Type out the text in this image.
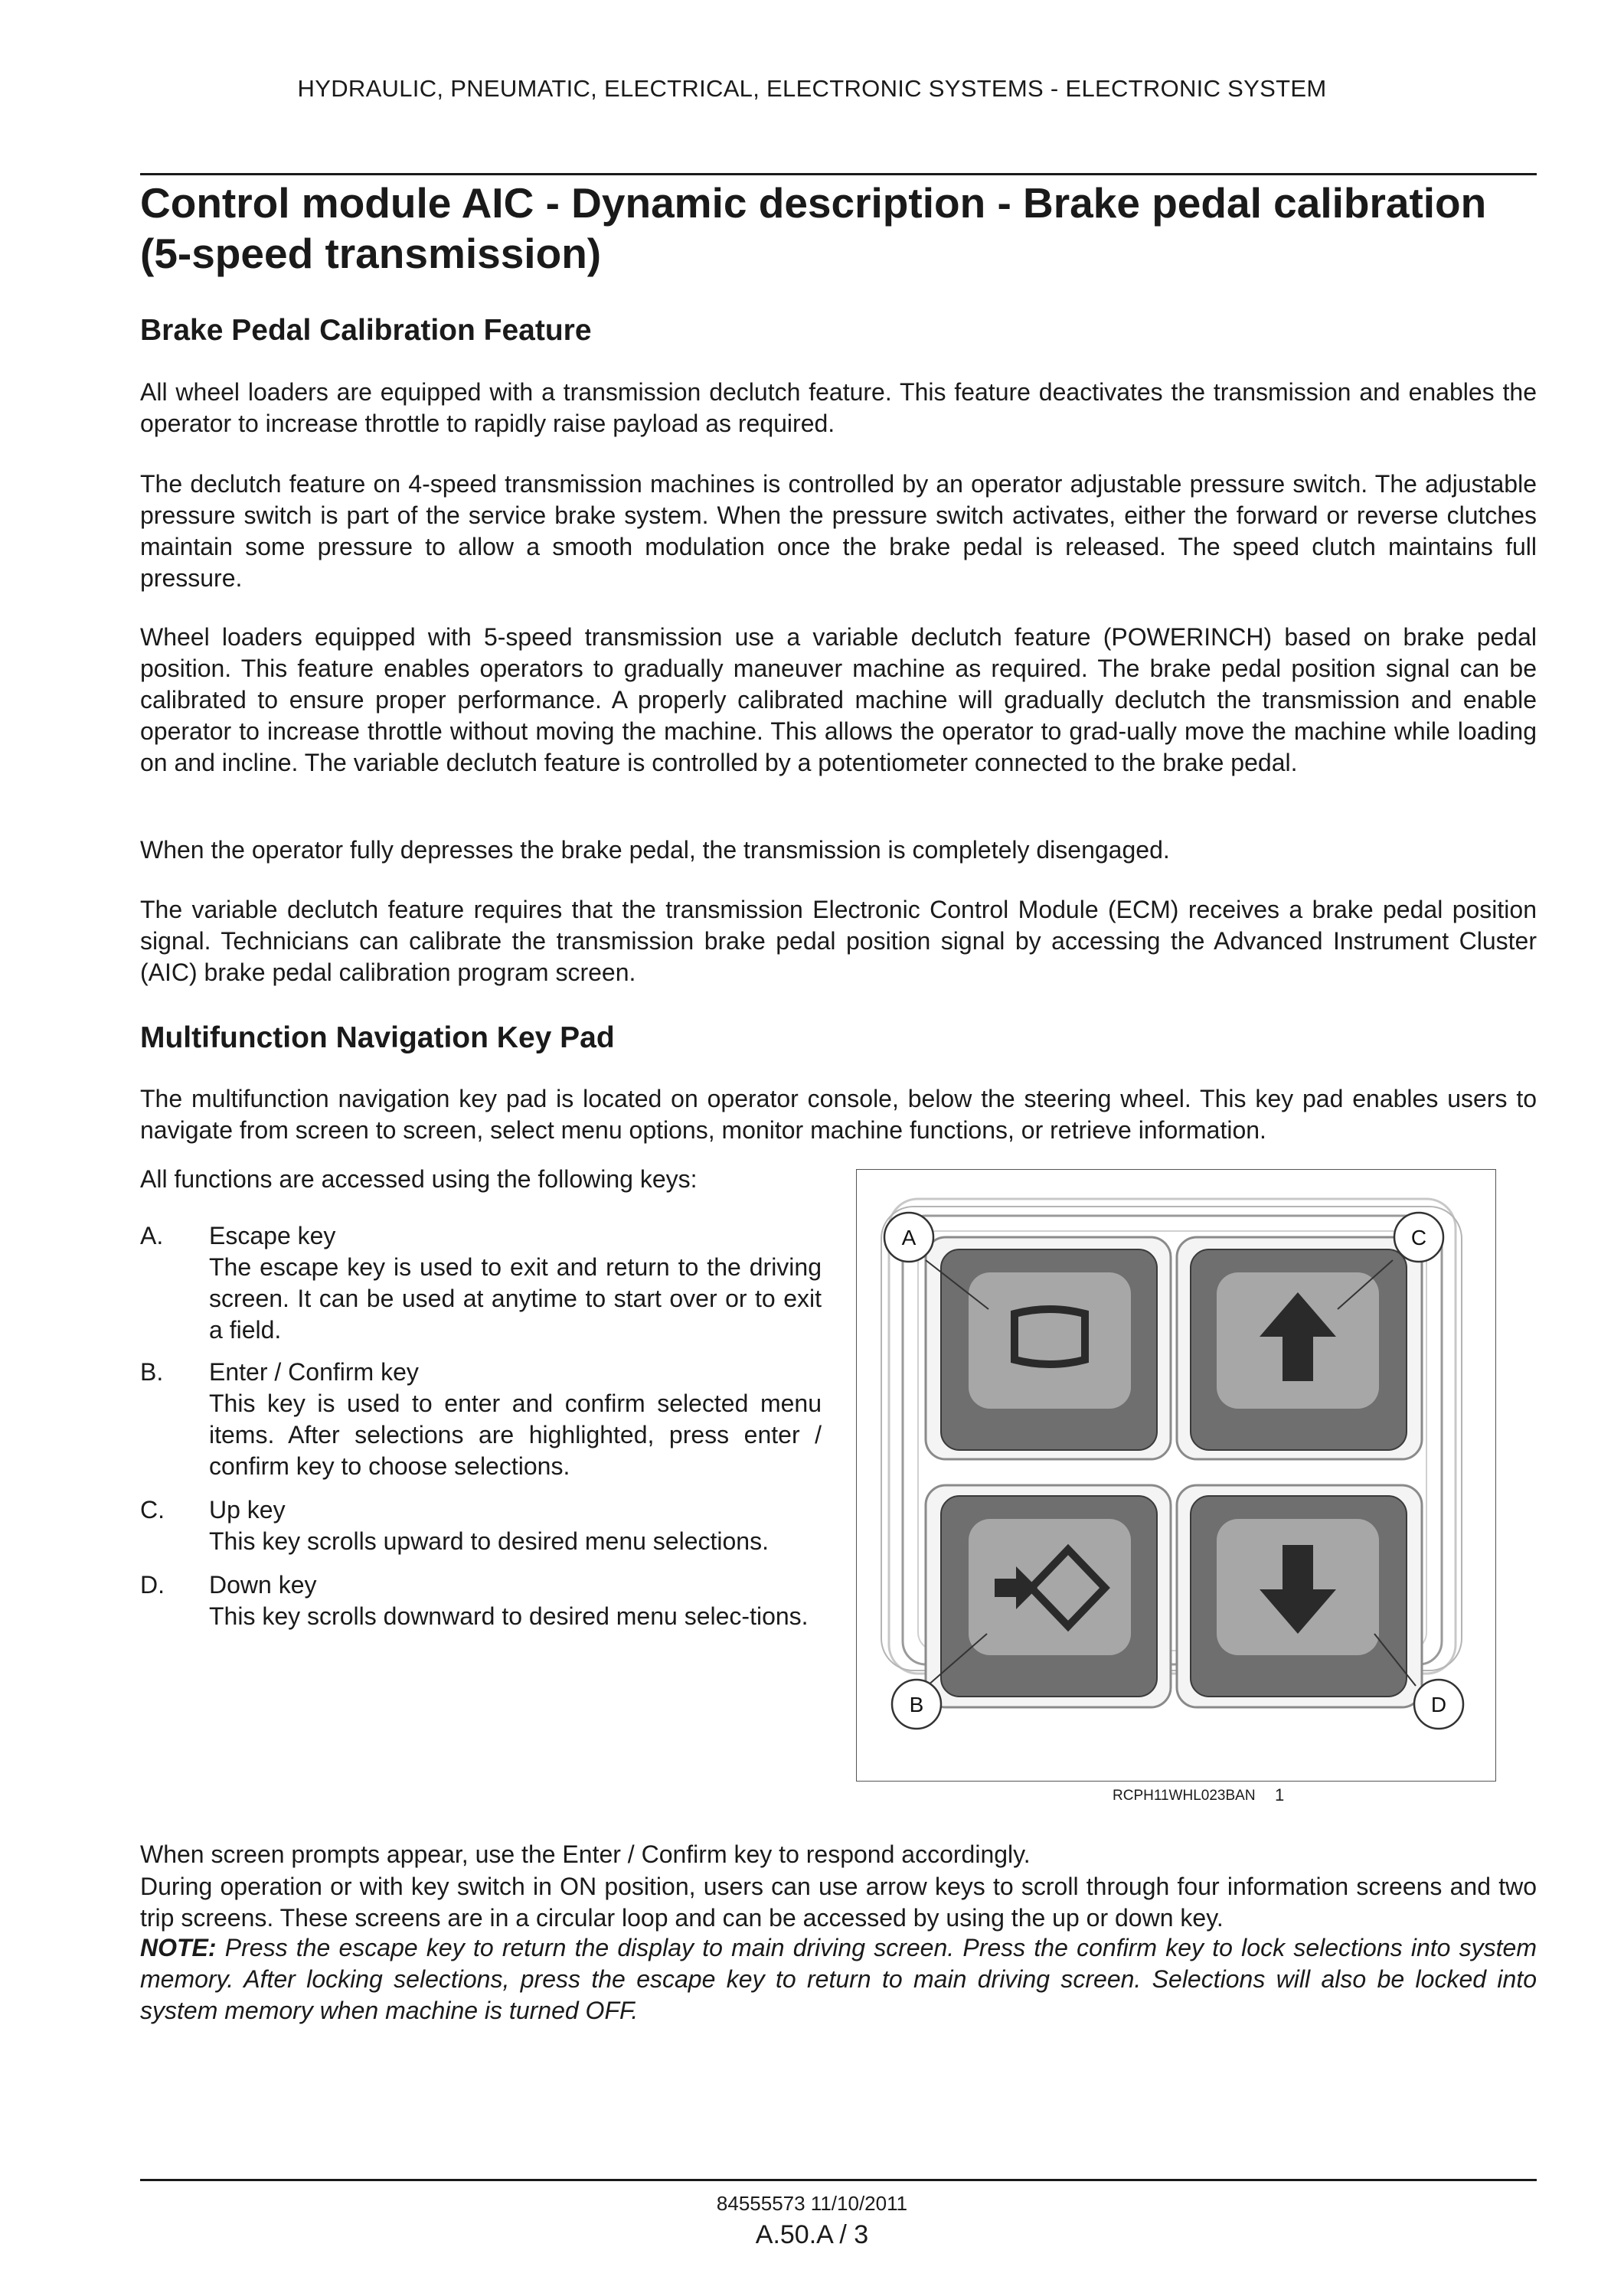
HYDRAULIC, PNEUMATIC, ELECTRICAL, ELECTRONIC SYSTEMS - ELECTRONIC SYSTEM
Control module AIC - Dynamic description - Brake pedal calibration
(5-speed transmission)
Brake Pedal Calibration Feature

All wheel loaders are equipped with a transmission declutch feature. This feature deactivates the transmission and enables the operator to increase throttle to rapidly raise payload as required.

The declutch feature on 4-speed transmission machines is controlled by an operator adjustable pressure switch. The adjustable pressure switch is part of the service brake system. When the pressure switch activates, either the forward or reverse clutches maintain some pressure to allow a smooth modulation once the brake pedal is released. The speed clutch maintains full pressure.

Wheel loaders equipped with 5-speed transmission use a variable declutch feature (POWERINCH) based on brake pedal position. This feature enables operators to gradually maneuver machine as required. The brake pedal position signal can be calibrated to ensure proper performance. A properly calibrated machine will gradually declutch the transmission and enable operator to increase throttle without moving the machine. This allows the operator to grad-ually move the machine while loading on and incline. The variable declutch feature is controlled by a potentiometer connected to the brake pedal.

When the operator fully depresses the brake pedal, the transmission is completely disengaged.

The variable declutch feature requires that the transmission Electronic Control Module (ECM) receives a brake pedal position signal. Technicians can calibrate the transmission brake pedal position signal by accessing the Advanced Instrument Cluster (AIC) brake pedal calibration program screen.

Multifunction Navigation Key Pad

The multifunction navigation key pad is located on operator console, below the steering wheel. This key pad enables users to navigate from screen to screen, select menu options, monitor machine functions, or retrieve information.

All functions are accessed using the following keys:
A. Escape key
The escape key is used to exit and return to the driving screen. It can be used at anytime to start over or to exit a field.
B. Enter / Confirm key
This key is used to enter and confirm selected menu items. After selections are highlighted, press enter / confirm key to choose selections.
C. Up key
This key scrolls upward to desired menu selections.
D. Down key
This key scrolls downward to desired menu selec-tions.
A	C
B	D
RCPH11WHL023BAN 1
When screen prompts appear, use the Enter / Confirm key to respond accordingly.

During operation or with key switch in ON position, users can use arrow keys to scroll through four information screens and two trip screens. These screens are in a circular loop and can be accessed by using the up or down key.

NOTE: Press the escape key to return the display to main driving screen. Press the confirm key to lock selections into system memory. After locking selections, press the escape key to return to main driving screen. Selections will also be locked into system memory when machine is turned OFF.

84555573 11/10/2011
A.50.A / 3
